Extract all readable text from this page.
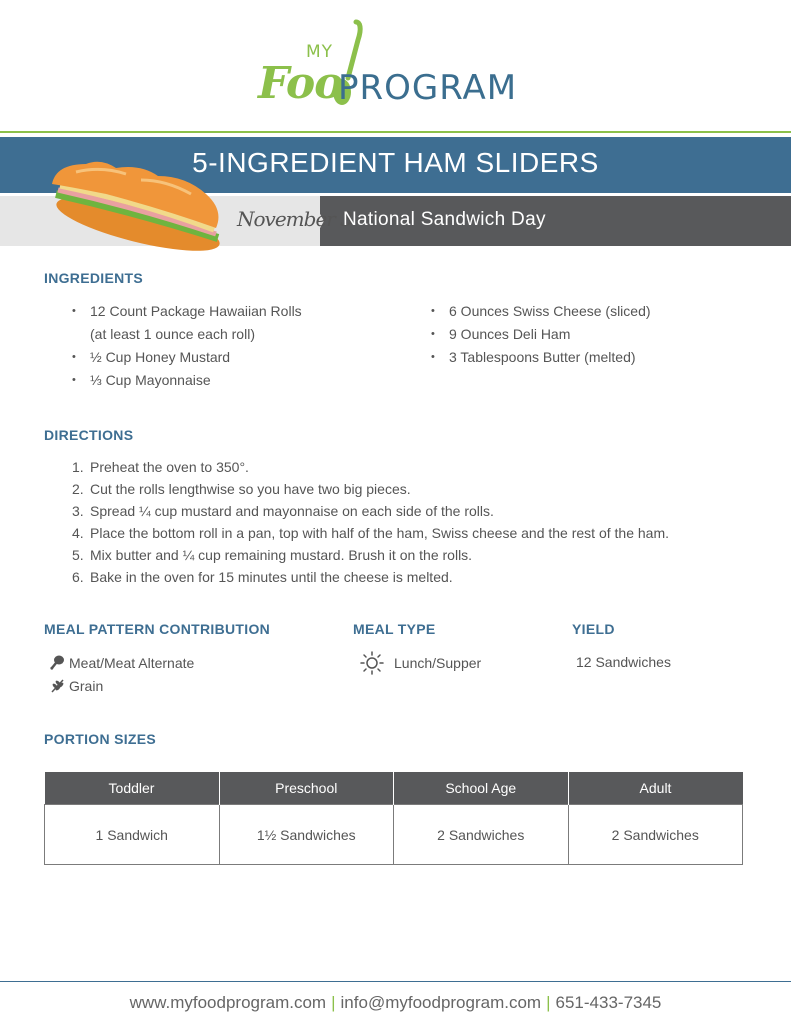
MY
Foo
PROGRAM
5-INGREDIENT HAM SLIDERS
November 3
National Sandwich Day
INGREDIENTS
• 12 Count Package Hawaiian Rolls
(at least 1 ounce each roll)
• ½ Cup Honey Mustard
• ⅓ Cup Mayonnaise
• 6 Ounces Swiss Cheese (sliced)
• 9 Ounces Deli Ham
• 3 Tablespoons Butter (melted)
DIRECTIONS
1. Preheat the oven to 350°.
2. Cut the rolls lengthwise so you have two big pieces.
3. Spread ¼ cup mustard and mayonnaise on each side of the rolls.
4. Place the bottom roll in a pan, top with half of the ham, Swiss cheese and the rest of the ham.
5. Mix butter and ¼ cup remaining mustard. Brush it on the rolls.
6. Bake in the oven for 15 minutes until the cheese is melted.
MEAL PATTERN CONTRIBUTION
Meat/Meat Alternate
Grain
MEAL TYPE
Lunch/Supper
YIELD
12 Sandwiches
PORTION SIZES
Toddler	Preschool	School Age	Adult
1 Sandwich	1½ Sandwiches	2 Sandwiches	2 Sandwiches
www.myfoodprogram.com | info@myfoodprogram.com | 651-433-7345
